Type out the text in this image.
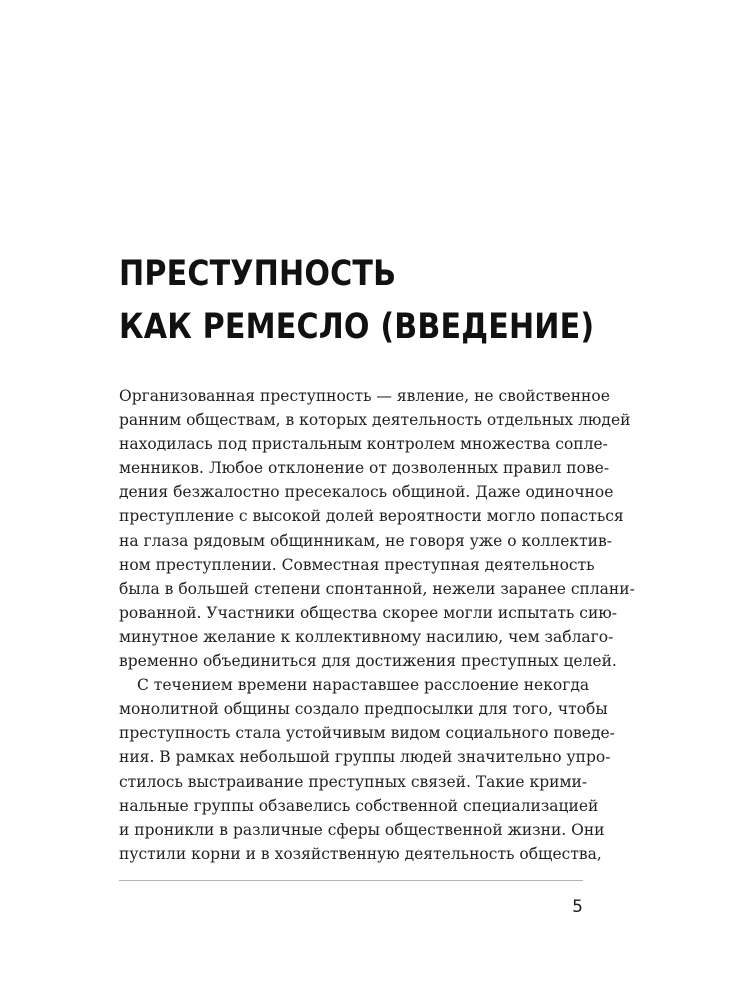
ПРЕСТУПНОСТЬ
КАК РЕМЕСЛО (ВВЕДЕНИЕ)
Организованная преступность — явление, не свойственное
ранним обществам, в которых деятельность отдельных людей
находилась под пристальным контролем множества сопле-
менников. Любое отклонение от дозволенных правил пове-
дения безжалостно пресекалось общиной. Даже одиночное
преступление с высокой долей вероятности могло попасться
на глаза рядовым общинникам, не говоря уже о коллектив-
ном преступлении. Совместная преступная деятельность
была в большей степени спонтанной, нежели заранее сплани-
рованной. Участники общества скорее могли испытать сию-
минутное желание к коллективному насилию, чем заблаго-
временно объединиться для достижения преступных целей.
С течением времени нараставшее расслоение некогда
монолитной общины создало предпосылки для того, чтобы
преступность стала устойчивым видом социального поведе-
ния. В рамках небольшой группы людей значительно упро-
стилось выстраивание преступных связей. Такие крими-
нальные группы обзавелись собственной специализацией
и проникли в различные сферы общественной жизни. Они
пустили корни и в хозяйственную деятельность общества,
5
